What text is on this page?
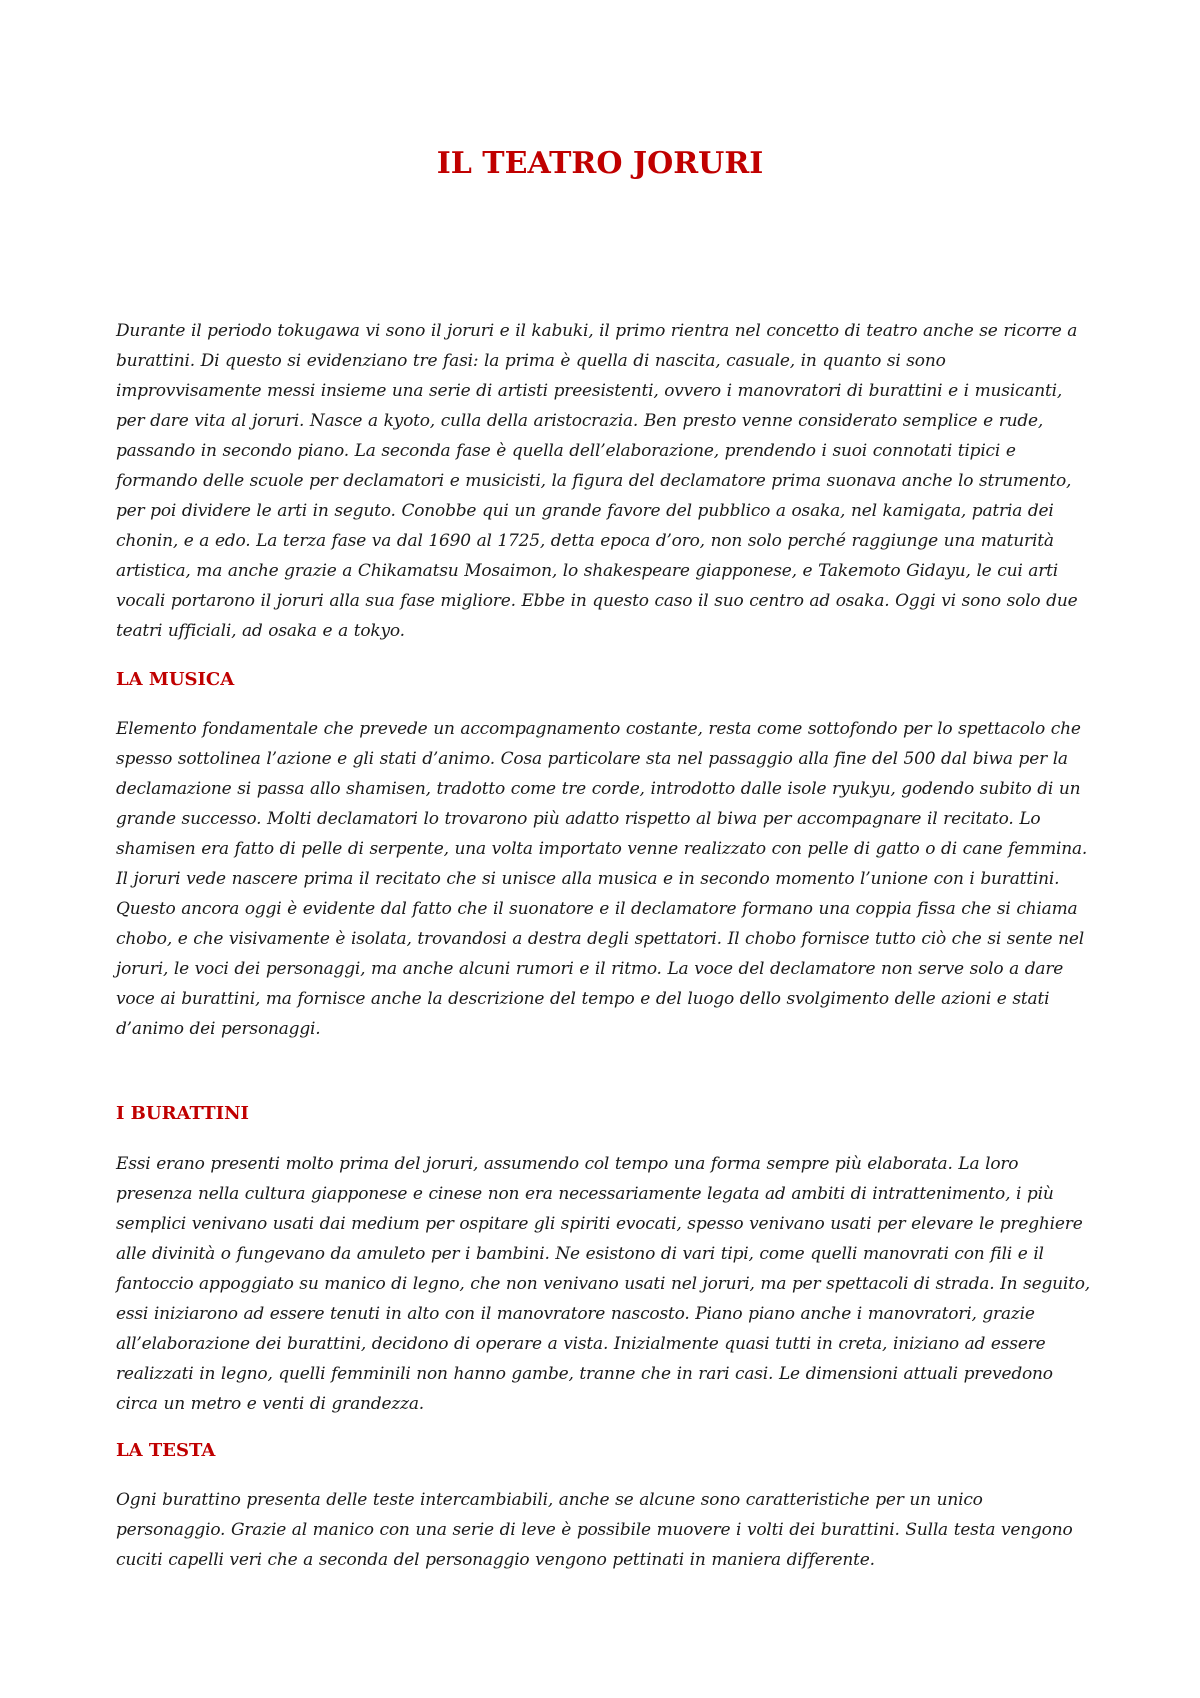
IL TEATRO JORURI

Durante il periodo tokugawa vi sono il joruri e il kabuki, il primo rientra nel concetto di teatro anche se ricorre a burattini. Di questo si evidenziano tre fasi: la prima è quella di nascita, casuale, in quanto si sono improvvisamente messi insieme una serie di artisti preesistenti, ovvero i manovratori di burattini e i musicanti, per dare vita al joruri. Nasce a kyoto, culla della aristocrazia. Ben presto venne considerato semplice e rude, passando in secondo piano. La seconda fase è quella dell’elaborazione, prendendo i suoi connotati tipici e formando delle scuole per declamatori e musicisti, la figura del declamatore prima suonava anche lo strumento, per poi dividere le arti in seguto. Conobbe qui un grande favore del pubblico a osaka, nel kamigata, patria dei chonin, e a edo. La terza fase va dal 1690 al 1725, detta epoca d’oro, non solo perché raggiunge una maturità artistica, ma anche grazie a Chikamatsu Mosaimon, lo shakespeare giapponese, e Takemoto Gidayu, le cui arti vocali portarono il joruri alla sua fase migliore. Ebbe in questo caso il suo centro ad osaka. Oggi vi sono solo due teatri ufficiali, ad osaka e a tokyo.

LA MUSICA

Elemento fondamentale che prevede un accompagnamento costante, resta come sottofondo per lo spettacolo che spesso sottolinea l’azione e gli stati d’animo. Cosa particolare sta nel passaggio alla fine del 500 dal biwa per la declamazione si passa allo shamisen, tradotto come tre corde, introdotto dalle isole ryukyu, godendo subito di un grande successo. Molti declamatori lo trovarono più adatto rispetto al biwa per accompagnare il recitato. Lo shamisen era fatto di pelle di serpente, una volta importato venne realizzato con pelle di gatto o di cane femmina. Il joruri vede nascere prima il recitato che si unisce alla musica e in secondo momento l’unione con i burattini. Questo ancora oggi è evidente dal fatto che il suonatore e il declamatore formano una coppia fissa che si chiama chobo, e che visivamente è isolata, trovandosi a destra degli spettatori. Il chobo fornisce tutto ciò che si sente nel joruri, le voci dei personaggi, ma anche alcuni rumori e il ritmo. La voce del declamatore non serve solo a dare voce ai burattini, ma fornisce anche la descrizione del tempo e del luogo dello svolgimento delle azioni e stati d’animo dei personaggi.

I BURATTINI

Essi erano presenti molto prima del joruri, assumendo col tempo una forma sempre più elaborata. La loro presenza nella cultura giapponese e cinese non era necessariamente legata ad ambiti di intrattenimento, i più semplici venivano usati dai medium per ospitare gli spiriti evocati, spesso venivano usati per elevare le preghiere alle divinità o fungevano da amuleto per i bambini. Ne esistono di vari tipi, come quelli manovrati con fili e il fantoccio appoggiato su manico di legno, che non venivano usati nel joruri, ma per spettacoli di strada. In seguito, essi iniziarono ad essere tenuti in alto con il manovratore nascosto. Piano piano anche i manovratori, grazie all’elaborazione dei burattini, decidono di operare a vista. Inizialmente quasi tutti in creta, iniziano ad essere realizzati in legno, quelli femminili non hanno gambe, tranne che in rari casi. Le dimensioni attuali prevedono circa un metro e venti di grandezza.

LA TESTA

Ogni burattino presenta delle teste intercambiabili, anche se alcune sono caratteristiche per un unico personaggio. Grazie al manico con una serie di leve è possibile muovere i volti dei burattini. Sulla testa vengono cuciti capelli veri che a seconda del personaggio vengono pettinati in maniera differente.
